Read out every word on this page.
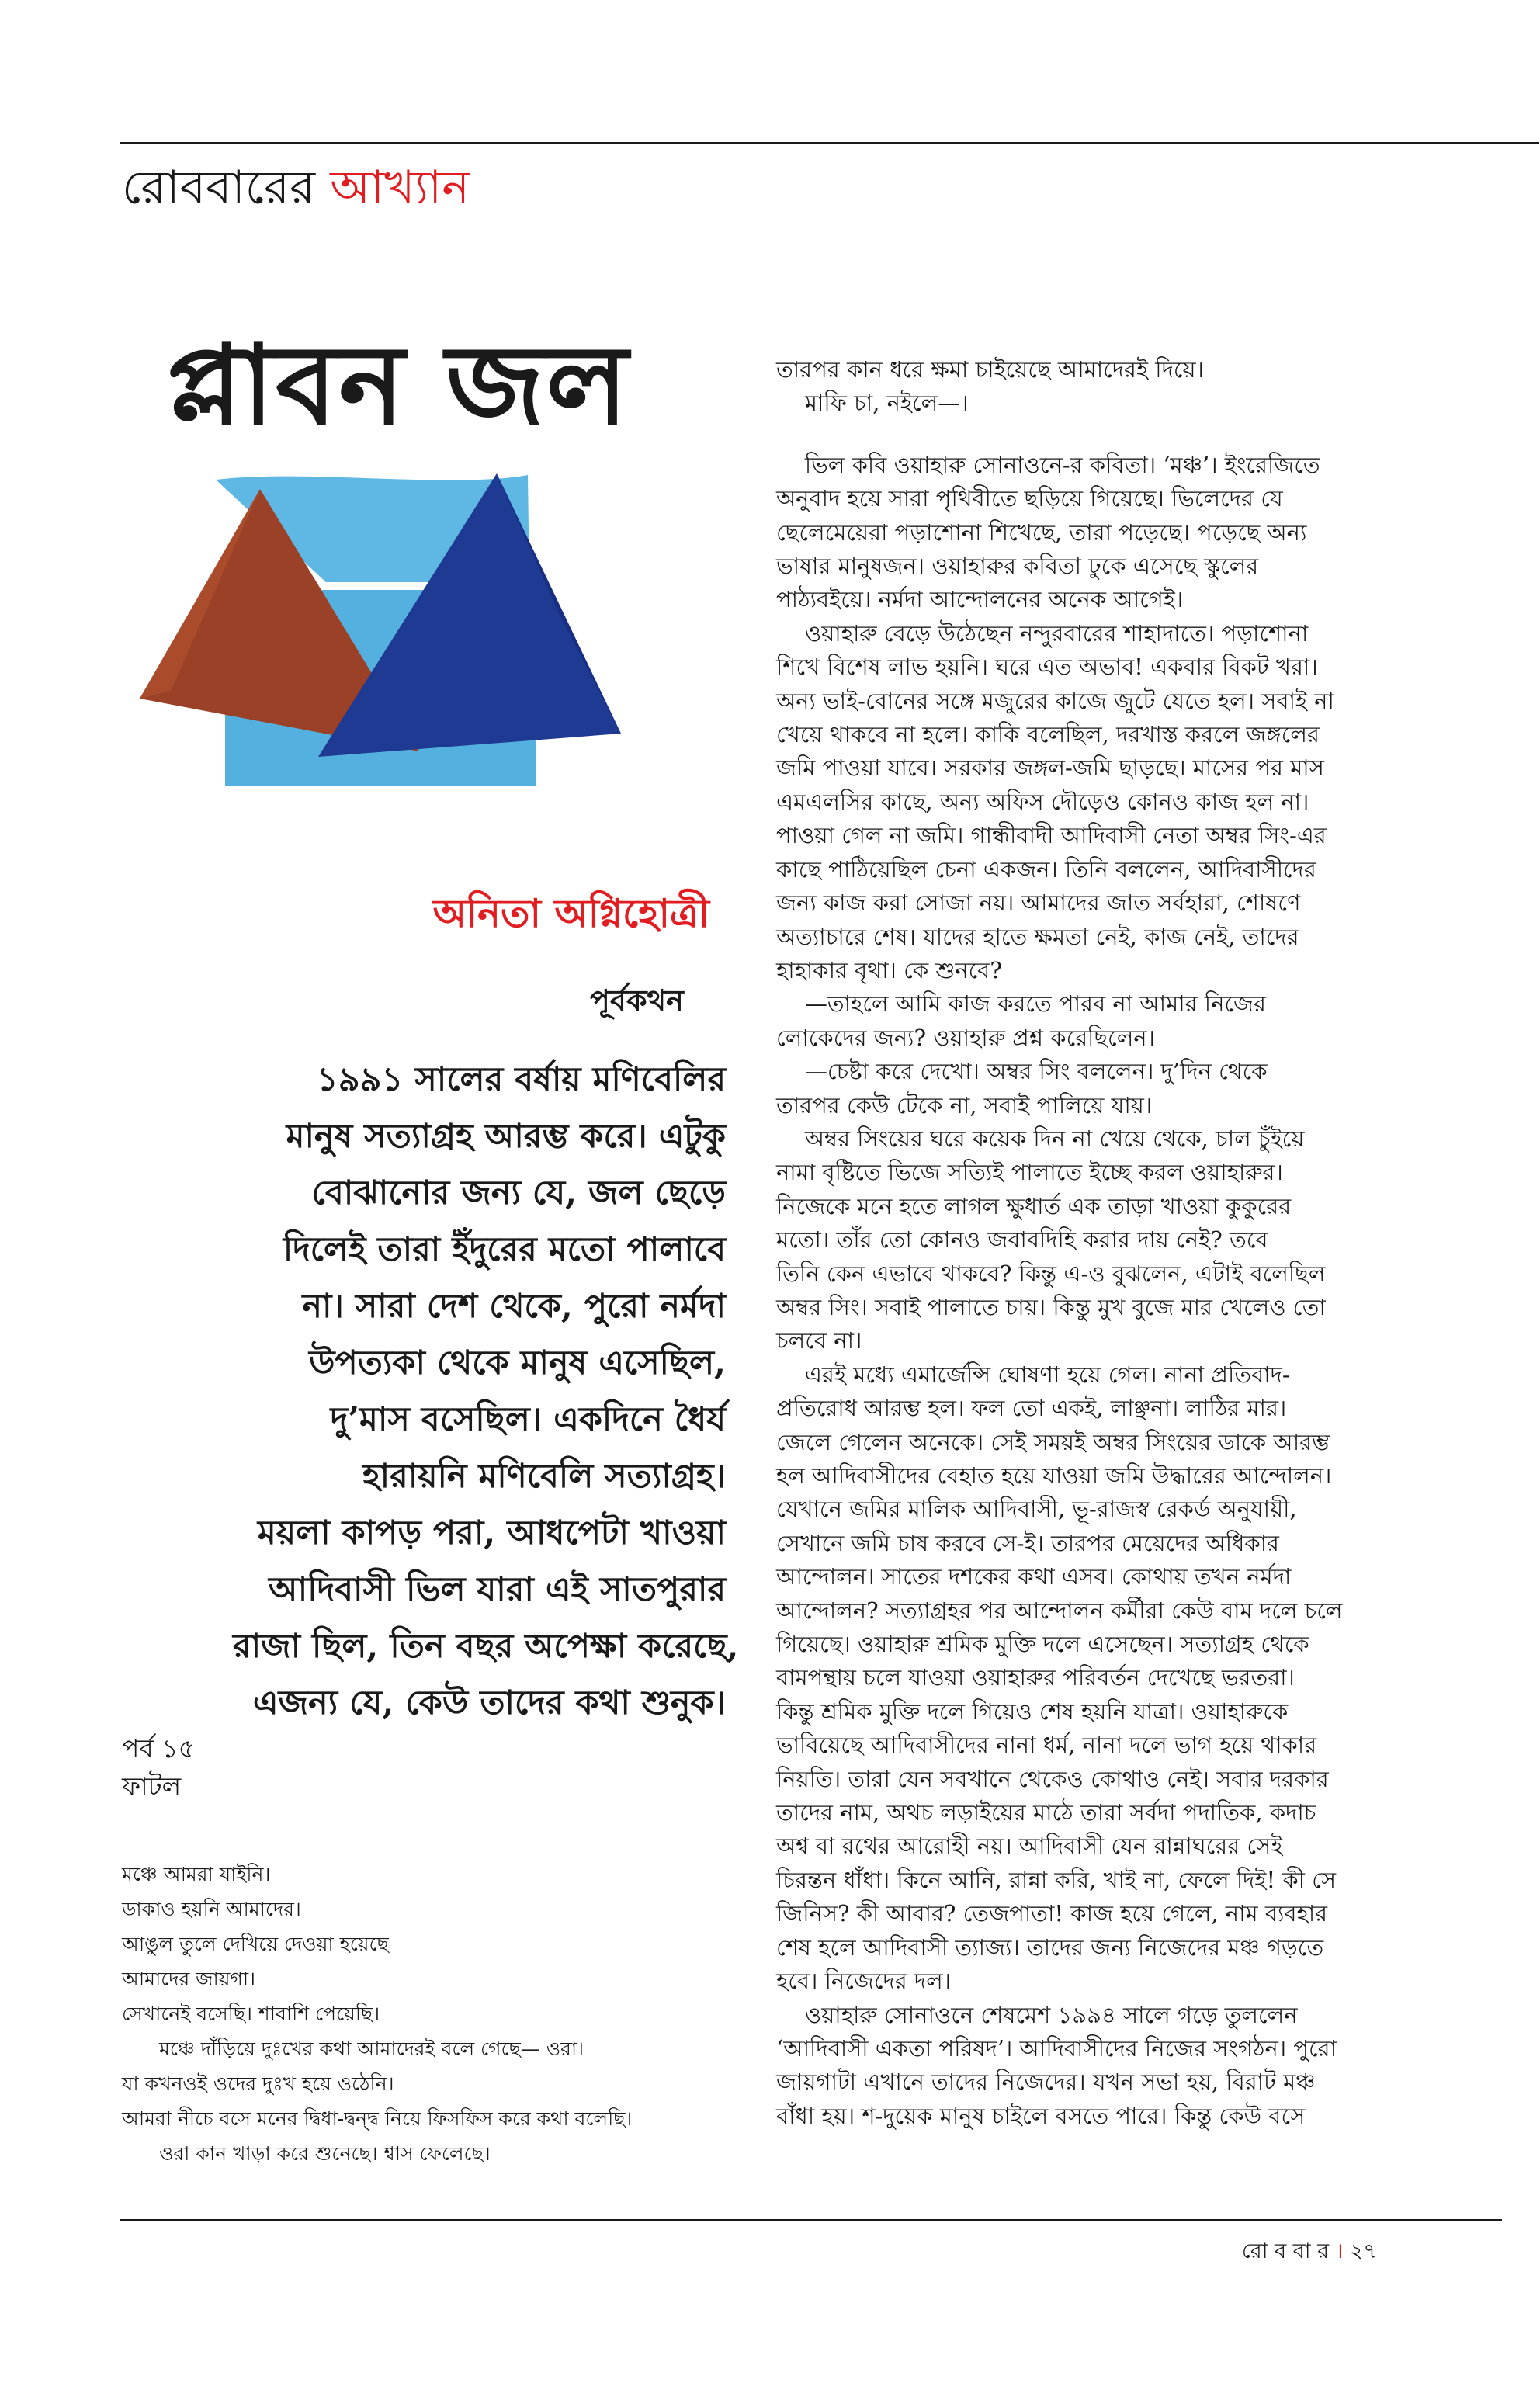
রোববারের আখ্যান
প্লাবন জল
অনিতা অগ্নিহোত্রী
পূর্বকথন
১৯৯১ সালের বর্ষায় মণিবেলির
মানুষ সত্যাগ্রহ আরম্ভ করে। এটুকু
বোঝানোর জন্য যে, জল ছেড়ে
দিলেই তারা ইঁদুরের মতো পালাবে
না। সারা দেশ থেকে, পুরো নর্মদা
উপত্যকা থেকে মানুষ এসেছিল,
দু’মাস বসেছিল। একদিনে ধৈর্য
হারায়নি মণিবেলি সত্যাগ্রহ।
ময়লা কাপড় পরা, আধপেটা খাওয়া
আদিবাসী ভিল যারা এই সাতপুরার
রাজা ছিল, তিন বছর অপেক্ষা করেছে,
এজন্য যে, কেউ তাদের কথা শুনুক।
পর্ব ১৫
ফাটল
মঞ্চে আমরা যাইনি।
ডাকাও হয়নি আমাদের।
আঙুল তুলে দেখিয়ে দেওয়া হয়েছে
আমাদের জায়গা।
সেখানেই বসেছি। শাবাশি পেয়েছি।
মঞ্চে দাঁড়িয়ে দুঃখের কথা আমাদেরই বলে গেছে— ওরা।
যা কখনওই ওদের দুঃখ হয়ে ওঠেনি।
আমরা নীচে বসে মনের দ্বিধা-দ্বন্দ্ব নিয়ে ফিসফিস করে কথা বলেছি।
ওরা কান খাড়া করে শুনেছে। শ্বাস ফেলেছে।
তারপর কান ধরে ক্ষমা চাইয়েছে আমাদেরই দিয়ে।
মাফি চা, নইলে—।
ভিল কবি ওয়াহারু সোনাওনে-র কবিতা। ‘মঞ্চ’। ইংরেজিতে
অনুবাদ হয়ে সারা পৃথিবীতে ছড়িয়ে গিয়েছে। ভিলেদের যে
ছেলেমেয়েরা পড়াশোনা শিখেছে, তারা পড়েছে। পড়েছে অন্য
ভাষার মানুষজন। ওয়াহারুর কবিতা ঢুকে এসেছে স্কুলের
পাঠ্যবইয়ে। নর্মদা আন্দোলনের অনেক আগেই।
ওয়াহারু বেড়ে উঠেছেন নন্দুরবারের শাহাদাতে। পড়াশোনা
শিখে বিশেষ লাভ হয়নি। ঘরে এত অভাব! একবার বিকট খরা।
অন্য ভাই-বোনের সঙ্গে মজুরের কাজে জুটে যেতে হল। সবাই না
খেয়ে থাকবে না হলে। কাকি বলেছিল, দরখাস্ত করলে জঙ্গলের
জমি পাওয়া যাবে। সরকার জঙ্গল-জমি ছাড়ছে। মাসের পর মাস
এমএলসির কাছে, অন্য অফিস দৌড়েও কোনও কাজ হল না।
পাওয়া গেল না জমি। গান্ধীবাদী আদিবাসী নেতা অম্বর সিং-এর
কাছে পাঠিয়েছিল চেনা একজন। তিনি বললেন, আদিবাসীদের
জন্য কাজ করা সোজা নয়। আমাদের জাত সর্বহারা, শোষণে
অত্যাচারে শেষ। যাদের হাতে ক্ষমতা নেই, কাজ নেই, তাদের
হাহাকার বৃথা। কে শুনবে?
—তাহলে আমি কাজ করতে পারব না আমার নিজের
লোকেদের জন্য? ওয়াহারু প্রশ্ন করেছিলেন।
—চেষ্টা করে দেখো। অম্বর সিং বললেন। দু’দিন থেকে
তারপর কেউ টেকে না, সবাই পালিয়ে যায়।
অম্বর সিংয়ের ঘরে কয়েক দিন না খেয়ে থেকে, চাল চুঁইয়ে
নামা বৃষ্টিতে ভিজে সত্যিই পালাতে ইচ্ছে করল ওয়াহারুর।
নিজেকে মনে হতে লাগল ক্ষুধার্ত এক তাড়া খাওয়া কুকুরের
মতো। তাঁর তো কোনও জবাবদিহি করার দায় নেই? তবে
তিনি কেন এভাবে থাকবে? কিন্তু এ-ও বুঝলেন, এটাই বলেছিল
অম্বর সিং। সবাই পালাতে চায়। কিন্তু মুখ বুজে মার খেলেও তো
চলবে না।
এরই মধ্যে এমার্জেন্সি ঘোষণা হয়ে গেল। নানা প্রতিবাদ-
প্রতিরোধ আরম্ভ হল। ফল তো একই, লাঞ্ছনা। লাঠির মার।
জেলে গেলেন অনেকে। সেই সময়ই অম্বর সিংয়ের ডাকে আরম্ভ
হল আদিবাসীদের বেহাত হয়ে যাওয়া জমি উদ্ধারের আন্দোলন।
যেখানে জমির মালিক আদিবাসী, ভূ-রাজস্ব রেকর্ড অনুযায়ী,
সেখানে জমি চাষ করবে সে-ই। তারপর মেয়েদের অধিকার
আন্দোলন। সাতের দশকের কথা এসব। কোথায় তখন নর্মদা
আন্দোলন? সত্যাগ্রহর পর আন্দোলন কর্মীরা কেউ বাম দলে চলে
গিয়েছে। ওয়াহারু শ্রমিক মুক্তি দলে এসেছেন। সত্যাগ্রহ থেকে
বামপন্থায় চলে যাওয়া ওয়াহারুর পরিবর্তন দেখেছে ভরতরা।
কিন্তু শ্রমিক মুক্তি দলে গিয়েও শেষ হয়নি যাত্রা। ওয়াহারুকে
ভাবিয়েছে আদিবাসীদের নানা ধর্ম, নানা দলে ভাগ হয়ে থাকার
নিয়তি। তারা যেন সবখানে থেকেও কোথাও নেই। সবার দরকার
তাদের নাম, অথচ লড়াইয়ের মাঠে তারা সর্বদা পদাতিক, কদাচ
অশ্ব বা রথের আরোহী নয়। আদিবাসী যেন রান্নাঘরের সেই
চিরন্তন ধাঁধা। কিনে আনি, রান্না করি, খাই না, ফেলে দিই! কী সে
জিনিস? কী আবার? তেজপাতা! কাজ হয়ে গেলে, নাম ব্যবহার
শেষ হলে আদিবাসী ত্যাজ্য। তাদের জন্য নিজেদের মঞ্চ গড়তে
হবে। নিজেদের দল।
ওয়াহারু সোনাওনে শেষমেশ ১৯৯৪ সালে গড়ে তুললেন
‘আদিবাসী একতা পরিষদ’। আদিবাসীদের নিজের সংগঠন। পুরো
জায়গাটা এখানে তাদের নিজেদের। যখন সভা হয়, বিরাট মঞ্চ
বাঁধা হয়। শ-দুয়েক মানুষ চাইলে বসতে পারে। কিন্তু কেউ বসে
রো ব বা র । ২৭
